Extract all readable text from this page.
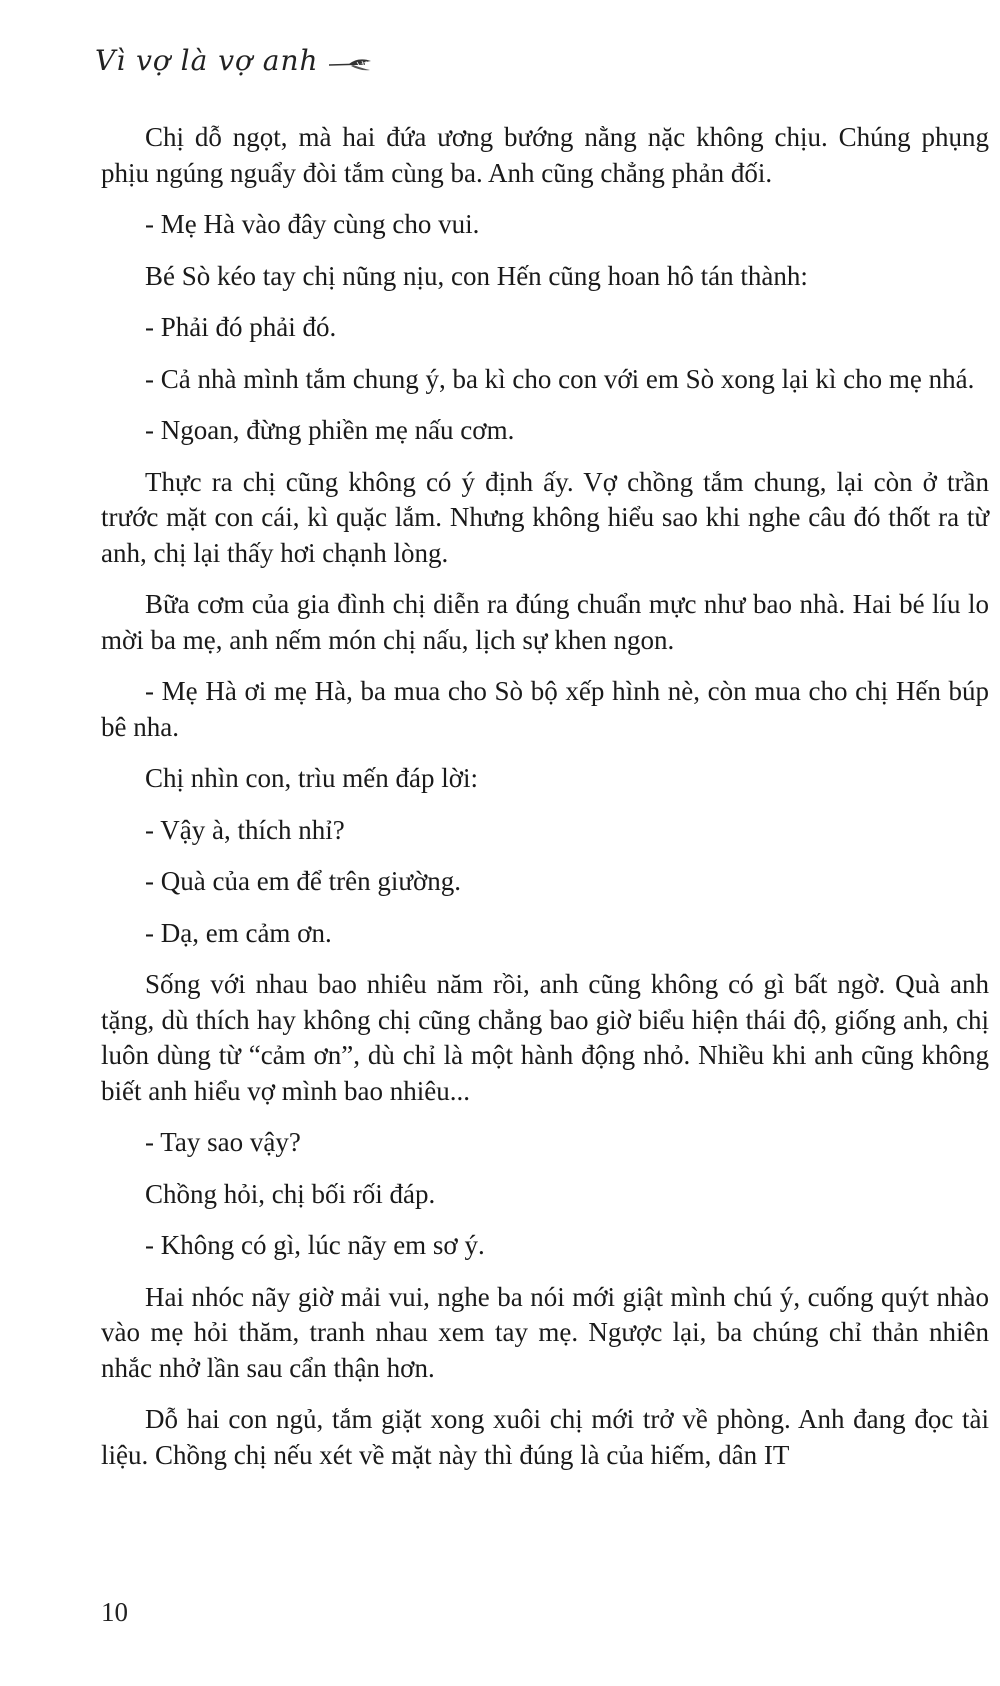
Vì vợ là vợ anh

Chị dỗ ngọt, mà hai đứa ương bướng nằng nặc không chịu. Chúng phụng phịu ngúng nguẩy đòi tắm cùng ba. Anh cũng chẳng phản đối.

- Mẹ Hà vào đây cùng cho vui.

Bé Sò kéo tay chị nũng nịu, con Hến cũng hoan hô tán thành:

- Phải đó phải đó.

- Cả nhà mình tắm chung ý, ba kì cho con với em Sò xong lại kì cho mẹ nhá.

- Ngoan, đừng phiền mẹ nấu cơm.

Thực ra chị cũng không có ý định ấy. Vợ chồng tắm chung, lại còn ở trần trước mặt con cái, kì quặc lắm. Nhưng không hiểu sao khi nghe câu đó thốt ra từ anh, chị lại thấy hơi chạnh lòng.

Bữa cơm của gia đình chị diễn ra đúng chuẩn mực như bao nhà. Hai bé líu lo mời ba mẹ, anh nếm món chị nấu, lịch sự khen ngon.

- Mẹ Hà ơi mẹ Hà, ba mua cho Sò bộ xếp hình nè, còn mua cho chị Hến búp bê nha.

Chị nhìn con, trìu mến đáp lời:

- Vậy à, thích nhỉ?

- Quà của em để trên giường.

- Dạ, em cảm ơn.

Sống với nhau bao nhiêu năm rồi, anh cũng không có gì bất ngờ. Quà anh tặng, dù thích hay không chị cũng chẳng bao giờ biểu hiện thái độ, giống anh, chị luôn dùng từ “cảm ơn”, dù chỉ là một hành động nhỏ. Nhiều khi anh cũng không biết anh hiểu vợ mình bao nhiêu...

- Tay sao vậy?

Chồng hỏi, chị bối rối đáp.

- Không có gì, lúc nãy em sơ ý.

Hai nhóc nãy giờ mải vui, nghe ba nói mới giật mình chú ý, cuống quýt nhào vào mẹ hỏi thăm, tranh nhau xem tay mẹ. Ngược lại, ba chúng chỉ thản nhiên nhắc nhở lần sau cẩn thận hơn.

Dỗ hai con ngủ, tắm giặt xong xuôi chị mới trở về phòng. Anh đang đọc tài liệu. Chồng chị nếu xét về mặt này thì đúng là của hiếm, dân IT

10
